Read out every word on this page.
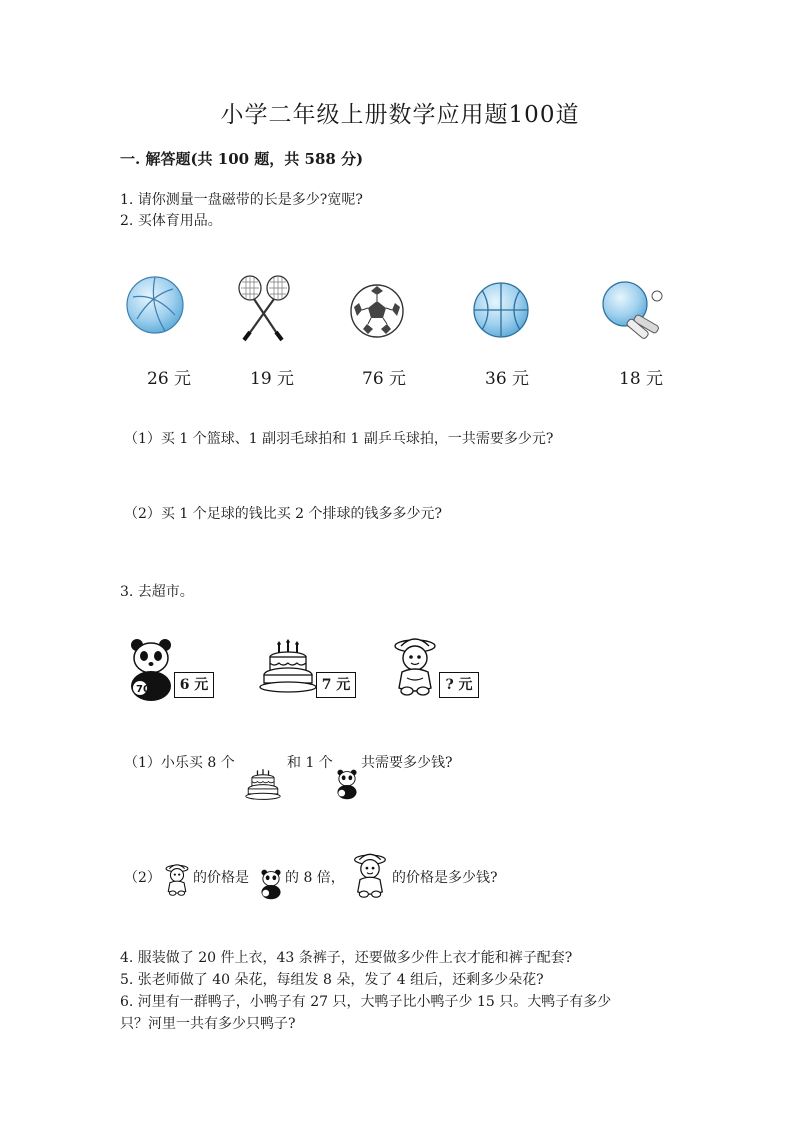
小学二年级上册数学应用题100道
一. 解答题(共 100 题，共 588 分)
1. 请你测量一盘磁带的长是多少?宽呢?
2. 买体育用品。
26 元	19 元	76 元	36 元	18 元
（1）买 1 个篮球、1 副羽毛球拍和 1 副乒乓球拍，一共需要多少元?
（2）买 1 个足球的钱比买 2 个排球的钱多多少元?
3. 去超市。
70	6 元	7 元	? 元
（1）小乐买 8 个	和 1 个 共需要多少钱?
（2） 的价格是	的 8 倍，	的价格是多少钱?
4. 服装做了 20 件上衣，43 条裤子，还要做多少件上衣才能和裤子配套?
5. 张老师做了 40 朵花，每组发 8 朵，发了 4 组后，还剩多少朵花?
6. 河里有一群鸭子，小鸭子有 27 只，大鸭子比小鸭子少 15 只。大鸭子有多少
只？河里一共有多少只鸭子?
